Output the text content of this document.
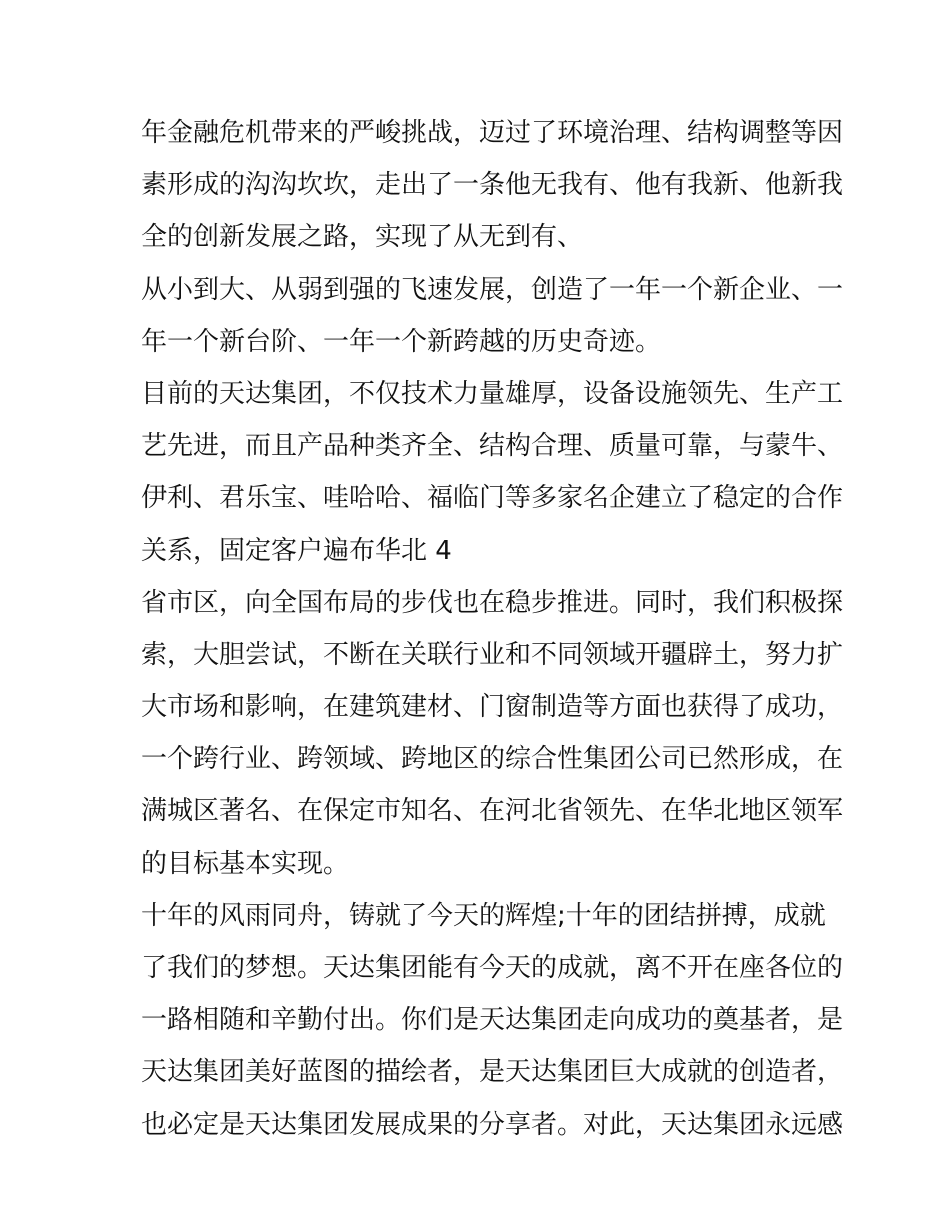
年金融危机带来的严峻挑战，迈过了环境治理、结构调整等因
素形成的沟沟坎坎，走出了一条他无我有、他有我新、他新我
全的创新发展之路，实现了从无到有、
从小到大、从弱到强的飞速发展，创造了一年一个新企业、一
年一个新台阶、一年一个新跨越的历史奇迹。
目前的天达集团，不仅技术力量雄厚，设备设施领先、生产工
艺先进，而且产品种类齐全、结构合理、质量可靠，与蒙牛、
伊利、君乐宝、哇哈哈、福临门等多家名企建立了稳定的合作
关系，固定客户遍布华北 4
省市区，向全国布局的步伐也在稳步推进。同时，我们积极探
索，大胆尝试，不断在关联行业和不同领域开疆辟土，努力扩
大市场和影响，在建筑建材、门窗制造等方面也获得了成功，
一个跨行业、跨领域、跨地区的综合性集团公司已然形成，在
满城区著名、在保定市知名、在河北省领先、在华北地区领军
的目标基本实现。
十年的风雨同舟，铸就了今天的辉煌;十年的团结拼搏，成就
了我们的梦想。天达集团能有今天的成就，离不开在座各位的
一路相随和辛勤付出。你们是天达集团走向成功的奠基者，是
天达集团美好蓝图的描绘者，是天达集团巨大成就的创造者，
也必定是天达集团发展成果的分享者。对此，天达集团永远感
